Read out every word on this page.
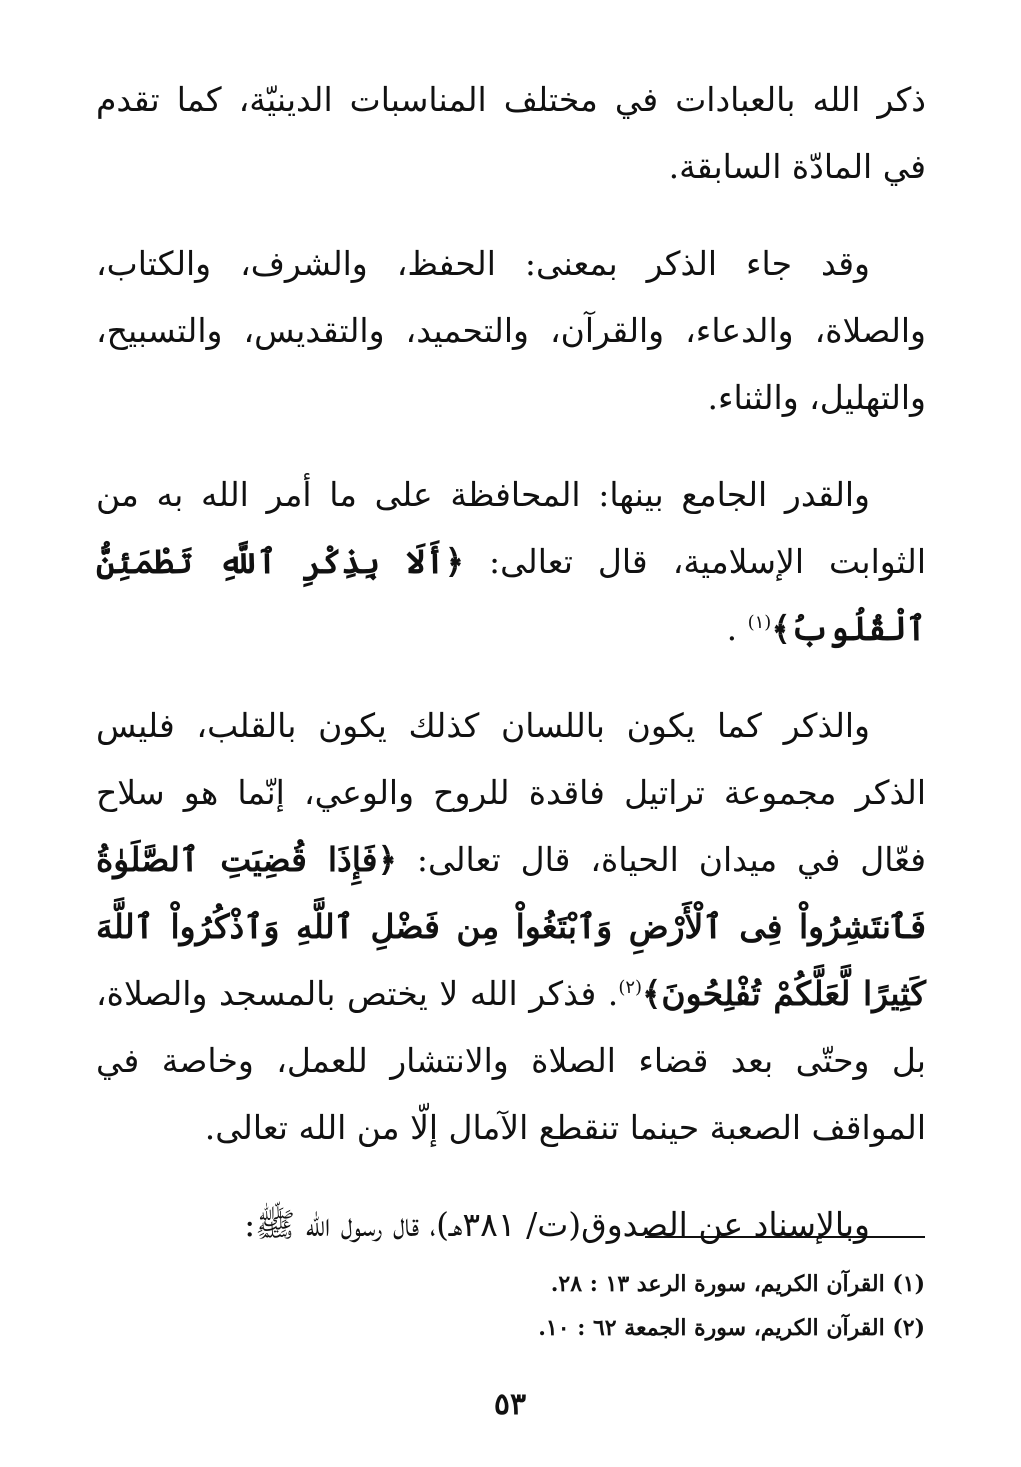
ذكر الله بالعبادات في مختلف المناسبات الدينيّة، كما تقدم في المادّة السابقة.

وقد جاء الذكر بمعنى: الحفظ، والشرف، والكتاب، والصلاة، والدعاء، والقرآن، والتحميد، والتقديس، والتسبيح، والتهليل، والثناء.

والقدر الجامع بينها: المحافظة على ما أمر الله به من الثوابت الإسلامية، قال تعالى: ﴿أَلَا بِذِكْرِ ٱللَّهِ تَطْمَئِنُّ ٱلْقُلُوبُ﴾$^{(١)}$ .

والذكر كما يكون باللسان كذلك يكون بالقلب، فليس الذكر مجموعة تراتيل فاقدة للروح والوعي، إنّما هو سلاح فعّال في ميدان الحياة، قال تعالى: ﴿فَإِذَا قُضِيَتِ ٱلصَّلَوٰةُ فَٱنتَشِرُواْ فِى ٱلْأَرْضِ وَٱبْتَغُواْ مِن فَضْلِ ٱللَّهِ وَٱذْكُرُواْ ٱللَّهَ كَثِيرًا لَّعَلَّكُمْ تُفْلِحُونَ﴾$^{(٢)}$. فذكر الله لا يختص بالمسجد والصلاة، بل وحتّى بعد قضاء الصلاة والانتشار للعمل، وخاصة في المواقف الصعبة حينما تنقطع الآمال إلّا من الله تعالى.

وبالإسناد عن الصدوق(ت/ ٣٨١هـ)، قال رسول الله ﷺ:

(١) القرآن الكريم، سورة الرعد ١٣ : ٢٨.

(٢) القرآن الكريم، سورة الجمعة ٦٢ : ١٠.

٥٣
